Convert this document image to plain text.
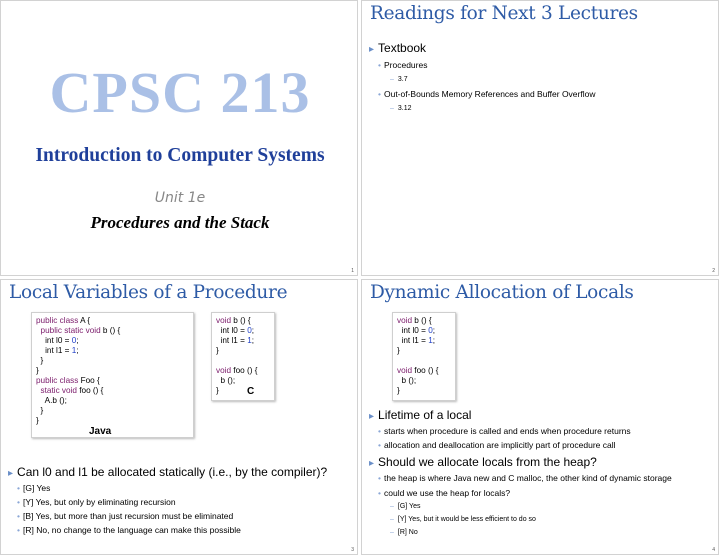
CPSC 213
Introduction to Computer Systems
Unit 1e
Procedures and the Stack
1
Readings for Next 3 Lectures
▸ Textbook
• Procedures
– 3.7
• Out-of-Bounds Memory References and Buffer Overflow
– 3.12
2
Local Variables of a Procedure
public class A {
public static void b () {
int l0 = 0;
int l1 = 1;
}
}
public class Foo {
static void foo () {
A.b ();
}
}
Java
void b () {
int l0 = 0;
int l1 = 1;
}

void foo () {
b ();
}	C
▸ Can l0 and l1 be allocated statically (i.e., by the compiler)?
• [G] Yes
• [Y] Yes, but only by eliminating recursion
• [B] Yes, but more than just recursion must be eliminated
• [R] No, no change to the language can make this possible
3
Dynamic Allocation of Locals
void b () {
int l0 = 0;
int l1 = 1;
}

void foo () {
b ();
}
▸ Lifetime of a local
• starts when procedure is called and ends when procedure returns
• allocation and deallocation are implicitly part of procedure call
▸ Should we allocate locals from the heap?
• the heap is where Java new and C malloc, the other kind of dynamic storage
• could we use the heap for locals?
– [G] Yes
– [Y] Yes, but it would be less efficient to do so
– [R] No
4
